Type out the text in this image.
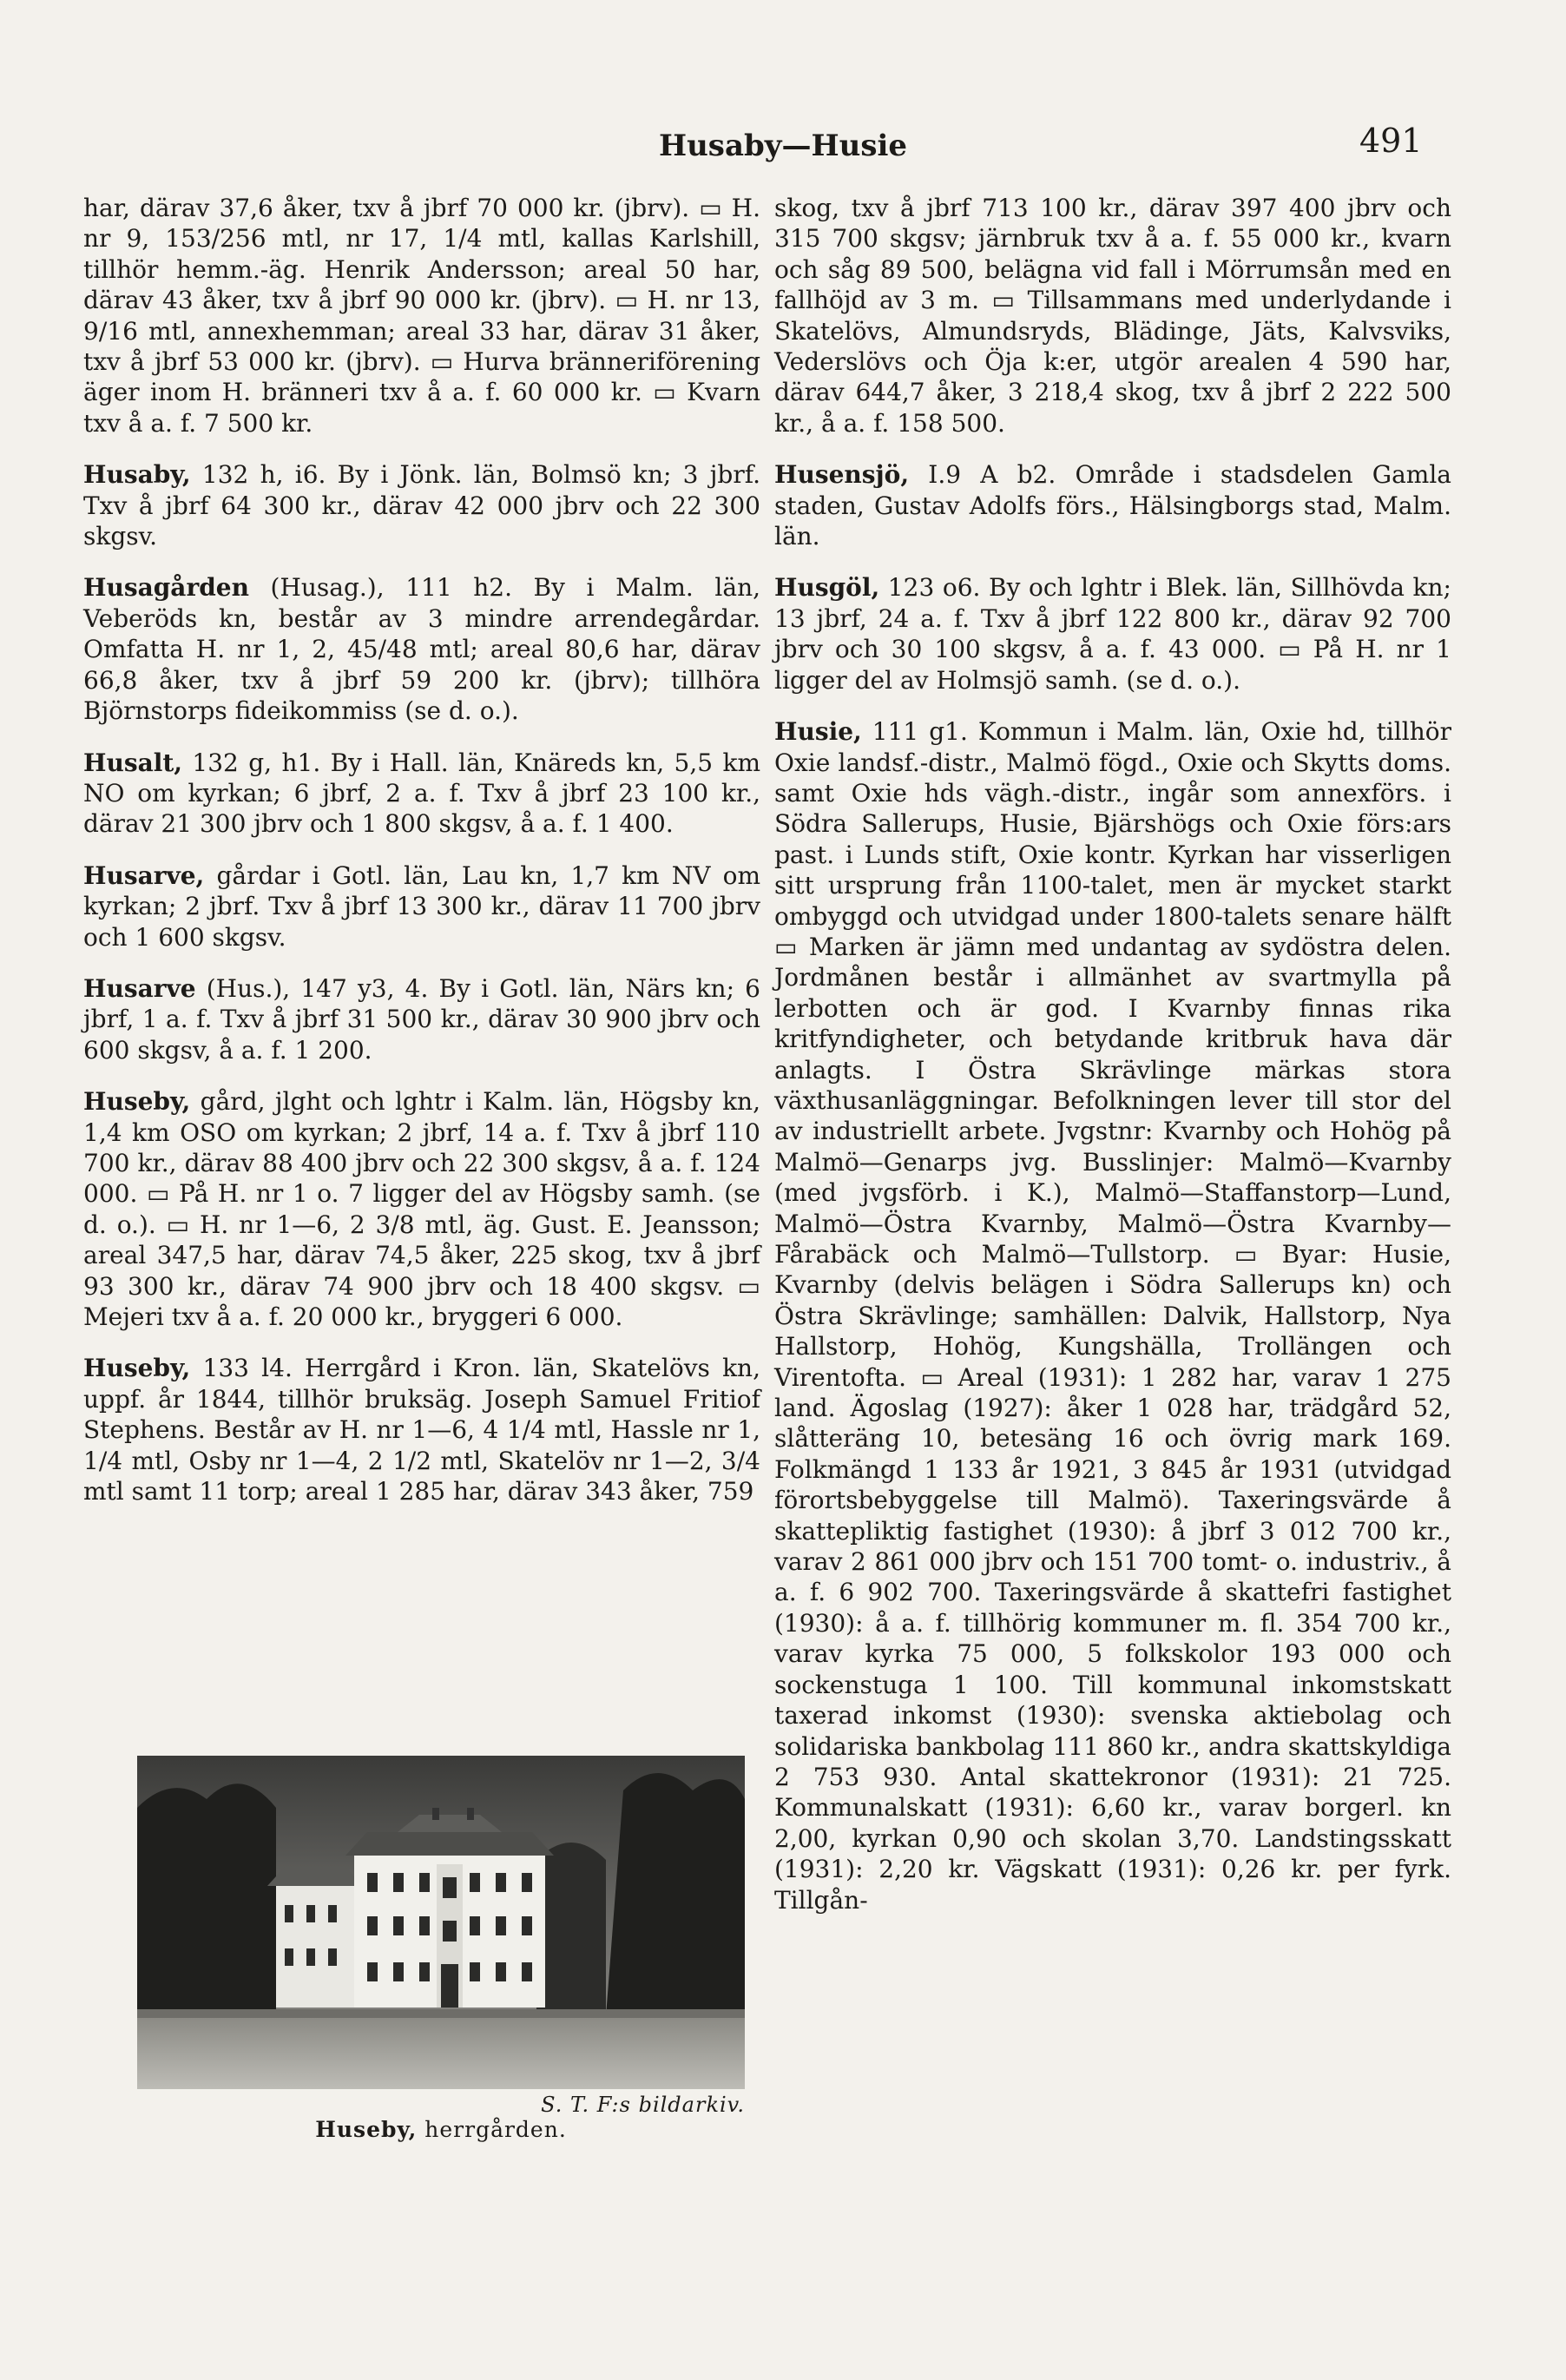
Husaby—Husie	491

har, därav 37,6 åker, txv å jbrf 70 000 kr. (jbrv). ▭ H. nr 9, 153/256 mtl, nr 17, 1/4 mtl, kallas Karlshill, tillhör hemm.-äg. Henrik Andersson; areal 50 har, därav 43 åker, txv å jbrf 90 000 kr. (jbrv). ▭ H. nr 13, 9/16 mtl, annexhemman; areal 33 har, därav 31 åker, txv å jbrf 53 000 kr. (jbrv). ▭ Hurva bränneriförening äger inom H. bränneri txv å a. f. 60 000 kr. ▭ Kvarn txv å a. f. 7 500 kr.

Husaby, 132 h, i6. By i Jönk. län, Bolmsö kn; 3 jbrf. Txv å jbrf 64 300 kr., därav 42 000 jbrv och 22 300 skgsv.

Husagården (Husag.), 111 h2. By i Malm. län, Veberöds kn, består av 3 mindre arrendegårdar. Omfatta H. nr 1, 2, 45/48 mtl; areal 80,6 har, därav 66,8 åker, txv å jbrf 59 200 kr. (jbrv); tillhöra Björnstorps fideikommiss (se d. o.).

Husalt, 132 g, h1. By i Hall. län, Knäreds kn, 5,5 km NO om kyrkan; 6 jbrf, 2 a. f. Txv å jbrf 23 100 kr., därav 21 300 jbrv och 1 800 skgsv, å a. f. 1 400.

Husarve, gårdar i Gotl. län, Lau kn, 1,7 km NV om kyrkan; 2 jbrf. Txv å jbrf 13 300 kr., därav 11 700 jbrv och 1 600 skgsv.

Husarve (Hus.), 147 y3, 4. By i Gotl. län, Närs kn; 6 jbrf, 1 a. f. Txv å jbrf 31 500 kr., därav 30 900 jbrv och 600 skgsv, å a. f. 1 200.

Huseby, gård, jlght och lghtr i Kalm. län, Högsby kn, 1,4 km OSO om kyrkan; 2 jbrf, 14 a. f. Txv å jbrf 110 700 kr., därav 88 400 jbrv och 22 300 skgsv, å a. f. 124 000. ▭ På H. nr 1 o. 7 ligger del av Högsby samh. (se d. o.). ▭ H. nr 1—6, 2 3/8 mtl, äg. Gust. E. Jeansson; areal 347,5 har, därav 74,5 åker, 225 skog, txv å jbrf 93 300 kr., därav 74 900 jbrv och 18 400 skgsv. ▭ Mejeri txv å a. f. 20 000 kr., bryggeri 6 000.

Huseby, 133 l4. Herrgård i Kron. län, Skatelövs kn, uppf. år 1844, tillhör bruksäg. Joseph Samuel Fritiof Stephens. Består av H. nr 1—6, 4 1/4 mtl, Hassle nr 1, 1/4 mtl, Osby nr 1—4, 2 1/2 mtl, Skatelöv nr 1—2, 3/4 mtl samt 11 torp; areal 1 285 har, därav 343 åker, 759

skog, txv å jbrf 713 100 kr., därav 397 400 jbrv och 315 700 skgsv; järnbruk txv å a. f. 55 000 kr., kvarn och såg 89 500, belägna vid fall i Mörrumsån med en fallhöjd av 3 m. ▭ Tillsammans med underlydande i Skatelövs, Almundsryds, Blädinge, Jäts, Kalvsviks, Vederslövs och Öja k:er, utgör arealen 4 590 har, därav 644,7 åker, 3 218,4 skog, txv å jbrf 2 222 500 kr., å a. f. 158 500.

Husensjö, I.9 A b2. Område i stadsdelen Gamla staden, Gustav Adolfs förs., Hälsingborgs stad, Malm. län.

Husgöl, 123 o6. By och lghtr i Blek. län, Sillhövda kn; 13 jbrf, 24 a. f. Txv å jbrf 122 800 kr., därav 92 700 jbrv och 30 100 skgsv, å a. f. 43 000. ▭ På H. nr 1 ligger del av Holmsjö samh. (se d. o.).

Husie, 111 g1. Kommun i Malm. län, Oxie hd, tillhör Oxie landsf.-distr., Malmö fögd., Oxie och Skytts doms. samt Oxie hds vägh.-distr., ingår som annexförs. i Södra Sallerups, Husie, Bjärshögs och Oxie förs:ars past. i Lunds stift, Oxie kontr. Kyrkan har visserligen sitt ursprung från 1100-talet, men är mycket starkt ombyggd och utvidgad under 1800-talets senare hälft ▭ Marken är jämn med undantag av sydöstra delen. Jordmånen består i allmänhet av svartmylla på lerbotten och är god. I Kvarnby finnas rika kritfyndigheter, och betydande kritbruk hava där anlagts. I Östra Skrävlinge märkas stora växthusanläggningar. Befolkningen lever till stor del av industriellt arbete. Jvgstnr: Kvarnby och Hohög på Malmö—Genarps jvg. Busslinjer: Malmö—Kvarnby (med jvgsförb. i K.), Malmö—Staffanstorp—Lund, Malmö—Östra Kvarnby, Malmö—Östra Kvarnby—Fårabäck och Malmö—Tullstorp. ▭ Byar: Husie, Kvarnby (delvis belägen i Södra Sallerups kn) och Östra Skrävlinge; samhällen: Dalvik, Hallstorp, Nya Hallstorp, Hohög, Kungshälla, Trollängen och Virentofta. ▭ Areal (1931): 1 282 har, varav 1 275 land. Ägoslag (1927): åker 1 028 har, trädgård 52, slåtteräng 10, betesäng 16 och övrig mark 169. Folkmängd 1 133 år 1921, 3 845 år 1931 (utvidgad förortsbebyggelse till Malmö). Taxeringsvärde å skattepliktig fastighet (1930): å jbrf 3 012 700 kr., varav 2 861 000 jbrv och 151 700 tomt- o. industriv., å a. f. 6 902 700. Taxeringsvärde å skattefri fastighet (1930): å a. f. tillhörig kommuner m. fl. 354 700 kr., varav kyrka 75 000, 5 folkskolor 193 000 och sockenstuga 1 100. Till kommunal inkomstskatt taxerad inkomst (1930): svenska aktiebolag och solidariska bankbolag 111 860 kr., andra skattskyldiga 2 753 930. Antal skattekronor (1931): 21 725. Kommunalskatt (1931): 6,60 kr., varav borgerl. kn 2,00, kyrkan 0,90 och skolan 3,70. Landstingsskatt (1931): 2,20 kr. Vägskatt (1931): 0,26 kr. per fyrk. Tillgån-

S. T. F:s bildarkiv.
Huseby, herrgården.
